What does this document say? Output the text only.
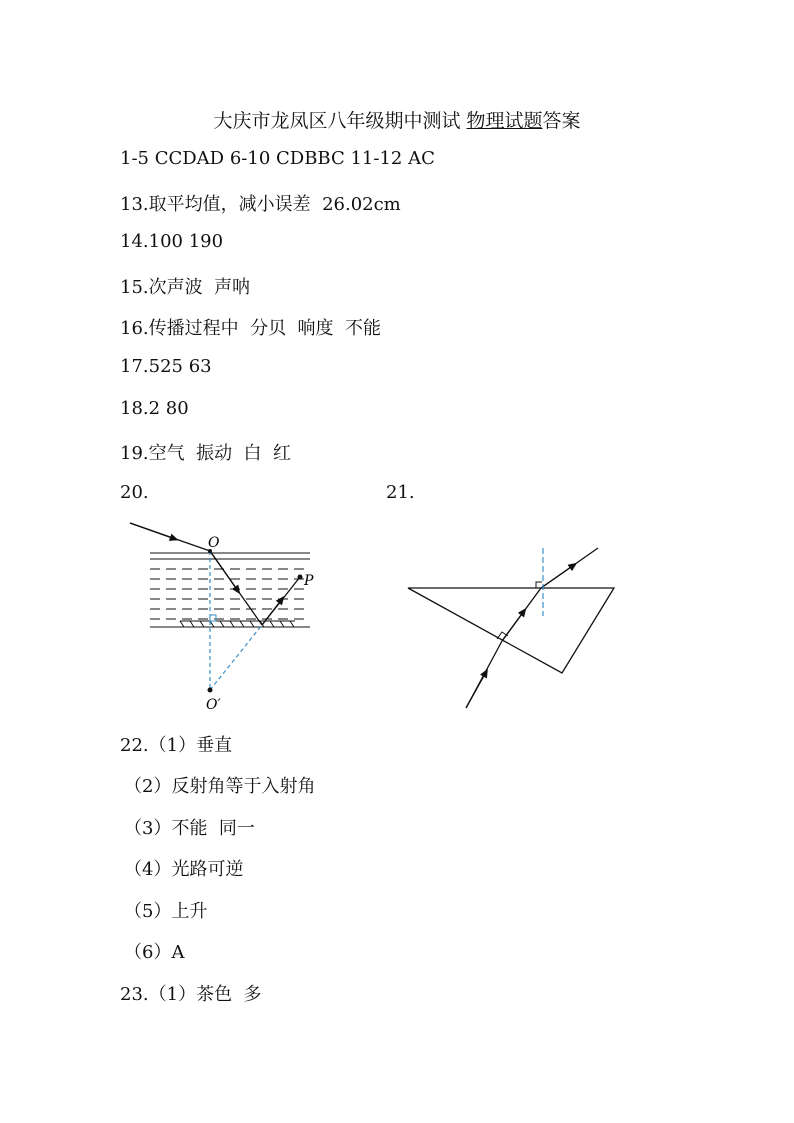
大庆市龙凤区八年级期中测试 物理试题答案
1-5 CCDAD 6-10 CDBBC 11-12 AC
13.取平均值，减小误差  26.02cm
14.100 190
15.次声波  声呐
16.传播过程中  分贝  响度  不能
17.525 63
18.2 80
19.空气  振动  白  红
20.	21.
O
P
O′
22.（1）垂直
（2）反射角等于入射角
（3）不能  同一
（4）光路可逆
（5）上升
（6）A
23.（1）茶色  多
